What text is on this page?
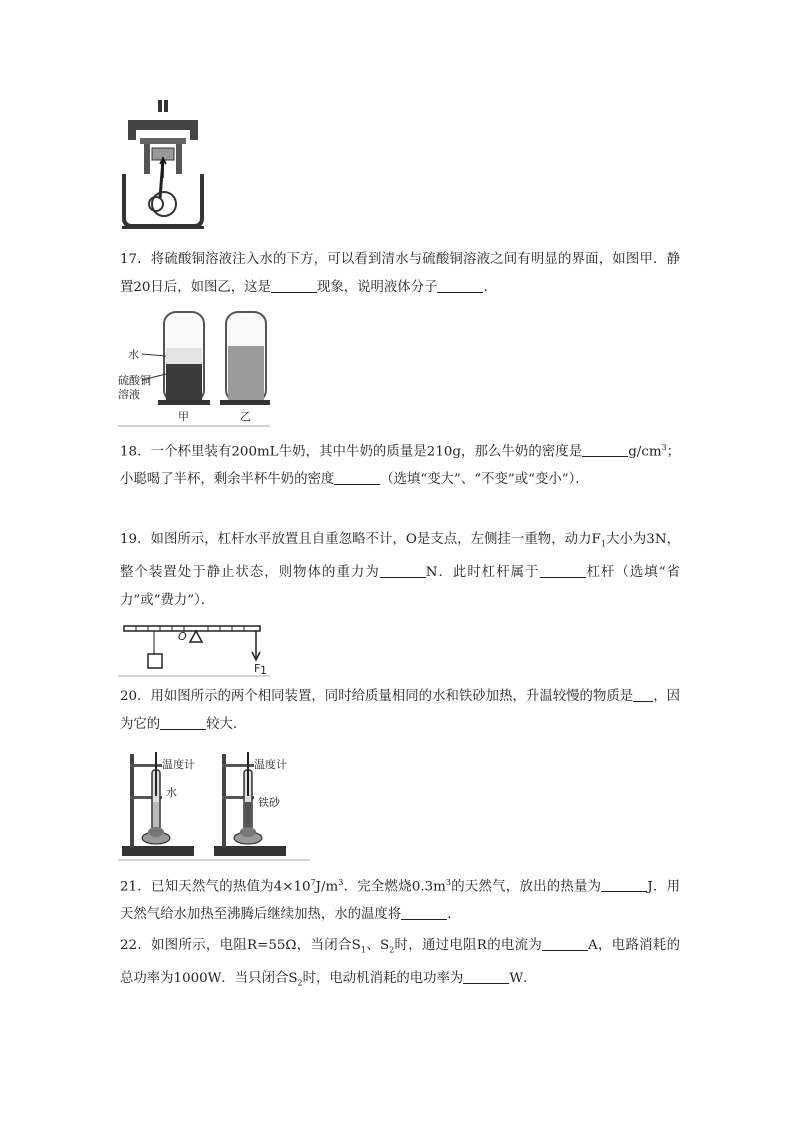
17．将硫酸铜溶液注入水的下方，可以看到清水与硫酸铜溶液之间有明显的界面，如图甲．静置20日后，如图乙，这是	现象，说明液体分子	．

水
硫酸铜
溶液
甲	乙

18．一个杯里装有200mL牛奶，其中牛奶的质量是210g，那么牛奶的密度是	$g/cm^3$；小聪喝了半杯，剩余半杯牛奶的密度	（选填“变大”、“不变”或“变小”）．

19．如图所示，杠杆水平放置且自重忽略不计，O是支点，左侧挂一重物，动力$F_1$大小为3N，整个装置处于静止状态，则物体的重力为	N．此时杠杆属于	杠杆（选填“省力”或“费力”）．

O
F 1

20．用如图所示的两个相同装置，同时给质量相同的水和铁砂加热，升温较慢的物质是 ，因为它的	较大．

温度计
水
温度计
铁砂

21．已知天然气的热值为$4\times 10^7J/m^3$．完全燃烧$0.3m^3$的天然气，放出的热量为	J．用天然气给水加热至沸腾后继续加热，水的温度将	．

22．如图所示，电阻R=55Ω，当闭合$S_1$、$S_2$时，通过电阻R的电流为	A，电路消耗的总功率为1000W．当只闭合$S_2$时，电动机消耗的电功率为	W．
